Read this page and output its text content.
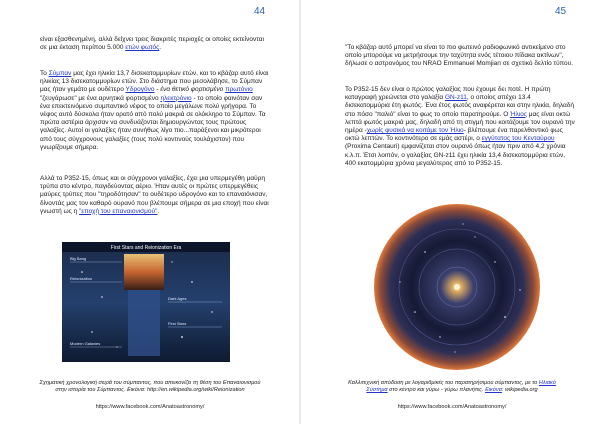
44

είναι εξασθενημένη, αλλά δείχνει τρεις διακριτές περιοχές οι οποίες εκτείνονται σε μια έκταση περίπου 5.000 ετών φωτός.

Το Σύμπαν μας έχει ηλικία 13,7 δισεκατομμυρίων ετών, και το κβάζαρ αυτό είναι ηλικίας 13 δισεκατομμυρίων ετών. Στο διάστημα που μεσολάβησε, το Σύμπαν μας ήταν γεμάτο με ουδέτερο Υδρογόνο - ένα θετικό φορτισμένο πρωτόνιο "ζευγάρωσε" με ένα αρνητικά φορτισμένο ηλεκτρόνιο - το οποίο φαινόταν σαν ένα επεκτεινόμενο συμπαντικό νέφος το οποίο μεγάλωνε πολύ γρήγορα. Το νέφος αυτό δύσκολα ήταν ορατό από πολύ μακριά σε ολόκληρο το Σύμπαν. Τα πρώτα αστέρια άρχισαν να συνδυάζονται δημιουργώντας τους πρώτους γαλαξίες. Αυτοί οι γαλαξίες ήταν συνήθως λίγο πιο...παράξενοι και μικρότεροι από τους σύγχρονους γαλαξίες (τους πολύ κοντινούς τουλάχιστον) που γνωρίζουμε σήμερα.

Αλλά το P352-15, όπως και οι σύγχρονοι γαλαξίες, έχει μια υπερμεγέθη μαύρη τρύπα στο κέντρο, παγιδεύοντας αέριο. Ήταν αυτές οι πρώτες υπερμεγέθεις μαύρες τρύπες που "τηροδότησαν" το ουδέτερο υδρογόνο και το επαναιόνισαν, δίνοντάς μας τον καθαρό ουρανό που βλέπουμε σήμερα σε μια εποχή που είναι γνωστή ως η "εποχή του επαναιονισμού".

First Stars and Reionization Era
Big Bang
Reionization
Dark Ages
First Stars
Modern Galaxies

Σχηματική χρονολογική σειρά του σύμπαντος, που απεικονίζει τη θέση του Επαναιονισμού στην ιστορία του Σύμπαντος. Εικόνα: http://en.wikipedia.org/wiki/Reionization

https://www.facebook.com/Anatoastronomy/
45

"Το κβάζαρ αυτό μπορεί να είναι το πιο φωτεινό ραδιοφωνικό αντικείμενο στο οποίο μπορούμε να μετρήσουμε την ταχύτητα ενός τέτοιου πίδακα ακτίνων", δήλωσε ο αστρονόμος του NRAO Emmanuel Momjian σε σχετικό δελτίο τύπου.

Το P352-15 δεν είναι ο πρώτος γαλαξίας που έχουμε δει ποτέ. Η πρώτη καταγραφή χρεώνεται στο γαλαξία GN-z11, ο οποίος απέχει 13.4 δισεκατομμύρια έτη φωτός. Ένα έτος φωτός αναφέρεται και στην ηλικία, δηλαδή στο πόσο "παλιό" είναι το φως το οποίο παρατηρούμε. Ο Ήλιος μας είναι οκτώ λεπτά φωτός μακριά μας, δηλαδή από τη στιγμή που κοιτάζουμε τον ουρανό την ημέρα -χωρίς φυσικά να κοιτάμε τον Ήλιο- βλέπουμε ένα παρελθοντικό φως οκτώ λεπτών. Το κοντινότερο σε εμάς αστέρι, ο εγγύτατος του Κενταύρου (Proxima Centauri) εμφανίζεται στον ουρανό όπως ήταν πριν από 4,2 χρόνια κ.λ.π. Έτσι λοιπόν, ο γαλαξίας GN-z11 έχει ηλικία 13,4 δισεκατομμύρια ετών, 400 εκατομμύρια χρόνια μεγαλύτερος από το P352-15.

Καλλιτεχνική απόδοση με λογαριθμικές του παρατηρήσιμου σύμπαντος, με το Ηλιακό Σύστημα στο κέντρο και γύρω - γύρω πλανήτες. Εικόνα: wikipedia.org

https://www.facebook.com/Anatoastronomy/
